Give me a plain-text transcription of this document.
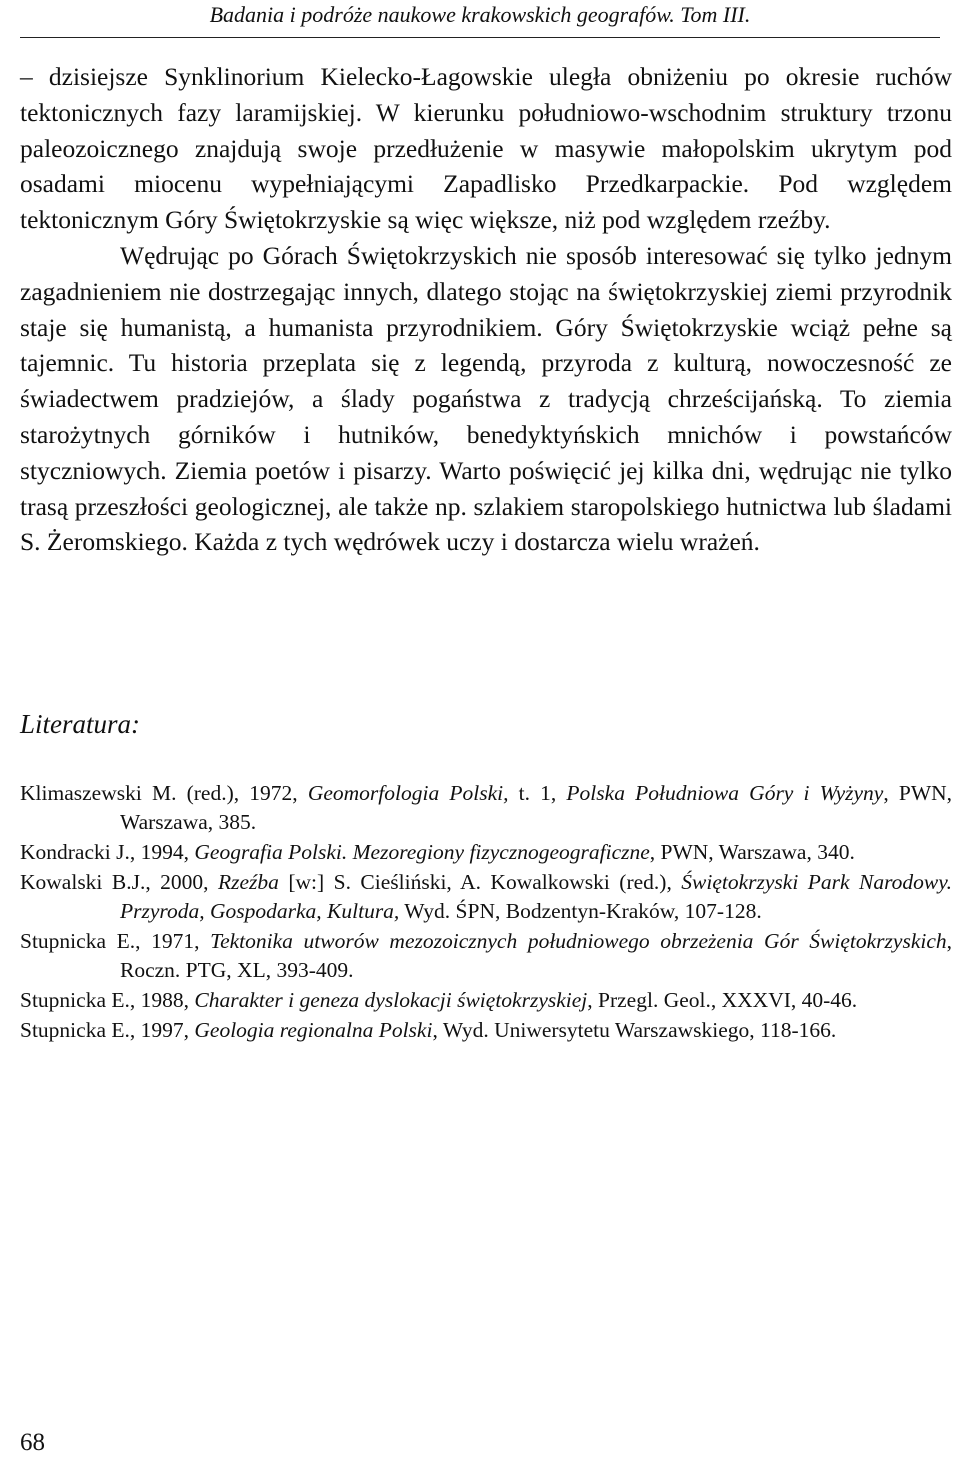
Badania i podróże naukowe krakowskich geografów. Tom III.

– dzisiejsze Synklinorium Kielecko-Łagowskie uległa obniżeniu po okresie ruchów tektonicznych fazy laramijskiej. W kierunku południowo-wschodnim struktury trzonu paleozoicznego znajdują swoje przedłużenie w masywie małopolskim ukrytym pod osadami miocenu wypełniającymi Zapadlisko Przedkarpackie. Pod względem tektonicznym Góry Świętokrzyskie są więc większe, niż pod względem rzeźby.

Wędrując po Górach Świętokrzyskich nie sposób interesować się tylko jednym zagadnieniem nie dostrzegając innych, dlatego stojąc na świętokrzyskiej ziemi przyrodnik staje się humanistą, a humanista przyrodnikiem. Góry Świętokrzyskie wciąż pełne są tajemnic. Tu historia przeplata się z legendą, przyroda z kulturą, nowoczesność ze świadectwem pradziejów, a ślady pogaństwa z tradycją chrześcijańską. To ziemia starożytnych górników i hutników, benedyktyńskich mnichów i powstańców styczniowych. Ziemia poetów i pisarzy. Warto poświęcić jej kilka dni, wędrując nie tylko trasą przeszłości geologicznej, ale także np. szlakiem staropolskiego hutnictwa lub śladami S. Żeromskiego. Każda z tych wędrówek uczy i dostarcza wielu wrażeń.

Literatura:
Klimaszewski M. (red.), 1972, Geomorfologia Polski, t. 1, Polska Południowa Góry i Wyżyny, PWN, Warszawa, 385.
Kondracki J., 1994, Geografia Polski. Mezoregiony fizycznogeograficzne, PWN, Warszawa, 340.
Kowalski B.J., 2000, Rzeźba [w:] S. Cieśliński, A. Kowalkowski (red.), Świętokrzyski Park Narodowy. Przyroda, Gospodarka, Kultura, Wyd. ŚPN, Bodzentyn-Kraków, 107-128.
Stupnicka E., 1971, Tektonika utworów mezozoicznych południowego obrzeżenia Gór Świętokrzyskich, Roczn. PTG, XL, 393-409.
Stupnicka E., 1988, Charakter i geneza dyslokacji świętokrzyskiej, Przegl. Geol., XXXVI, 40-46.
Stupnicka E., 1997, Geologia regionalna Polski, Wyd. Uniwersytetu Warszawskiego, 118-166.
68
